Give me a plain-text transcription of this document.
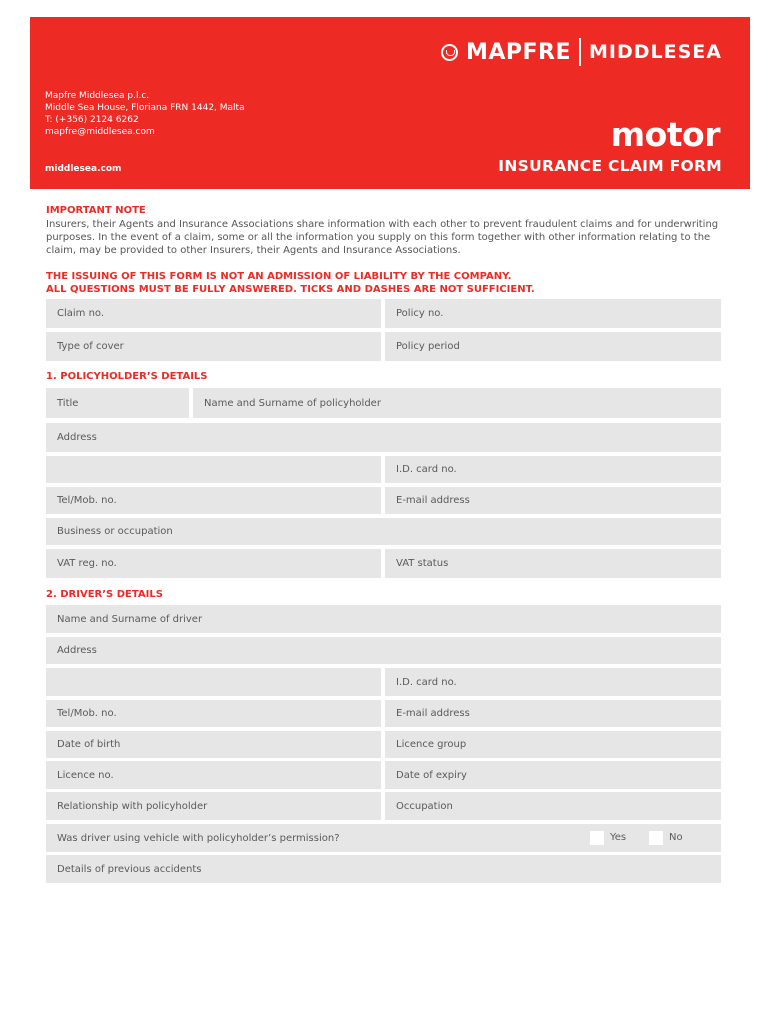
MAPFRE MIDDLESEA
Mapfre Middlesea p.l.c.
Middle Sea House, Floriana FRN 1442, Malta
T: (+356) 2124 6262
mapfre@middlesea.com
middlesea.com
motor
INSURANCE CLAIM FORM
IMPORTANT NOTE
Insurers, their Agents and Insurance Associations share information with each other to prevent fraudulent claims and for underwriting purposes. In the event of a claim, some or all the information you supply on this form together with other information relating to the claim, may be provided to other Insurers, their Agents and Insurance Associations.
THE ISSUING OF THIS FORM IS NOT AN ADMISSION OF LIABILITY BY THE COMPANY.
ALL QUESTIONS MUST BE FULLY ANSWERED. TICKS AND DASHES ARE NOT SUFFICIENT.
Claim no.	Policy no.
Type of cover	Policy period
1. POLICYHOLDER’S DETAILS
Title	Name and Surname of policyholder
Address
I.D. card no.
Tel/Mob. no.	E-mail address
Business or occupation
VAT reg. no.	VAT status
2. DRIVER’S DETAILS
Name and Surname of driver
Address
I.D. card no.
Tel/Mob. no.	E-mail address
Date of birth	Licence group
Licence no.	Date of expiry
Relationship with policyholder	Occupation
Was driver using vehicle with policyholder’s permission?	Yes	No
Details of previous accidents
